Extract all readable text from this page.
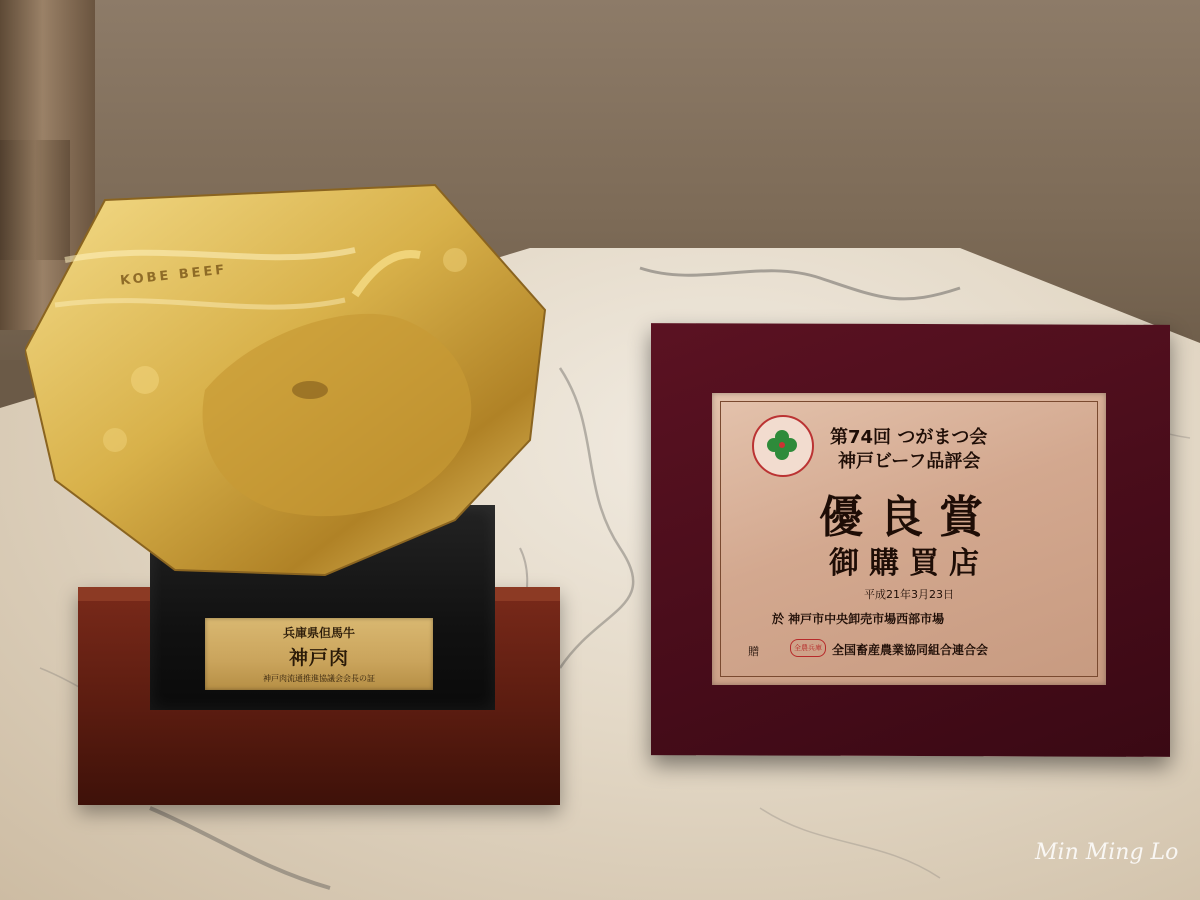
KOBE BEEF
兵庫県但馬牛
神戸肉
神戸肉流通推進協議会会長の証
第74回 つがまつ会
神戸ビーフ品評会
優良賞
御購買店
平成21年3月23日
於 神戸市中央卸売市場西部市場
贈	全農兵庫 全国畜産農業協同組合連合会
Min Ming Lo
